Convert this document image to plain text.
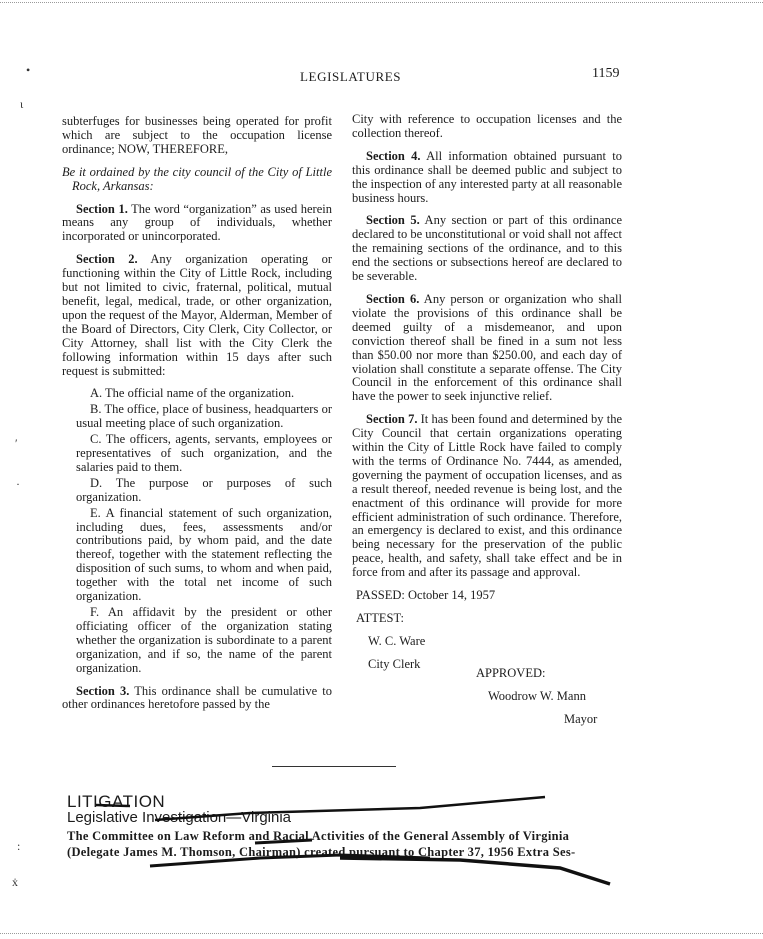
•
ι
′
·
:
ẋ
LEGISLATURES	1159

subterfuges for businesses being operated for profit which are subject to the occupation license ordinance; NOW, THEREFORE,

Be it ordained by the city council of the City of Little Rock, Arkansas:

Section 1. The word “organization” as used herein means any group of individuals, whether incorporated or unincorporated.

Section 2. Any organization operating or functioning within the City of Little Rock, including but not limited to civic, fraternal, political, mutual benefit, legal, medical, trade, or other organization, upon the request of the Mayor, Alderman, Member of the Board of Directors, City Clerk, City Collector, or City Attorney, shall list with the City Clerk the following information within 15 days after such request is submitted:

A. The official name of the organization.

B. The office, place of business, headquarters or usual meeting place of such organization.

C. The officers, agents, servants, employees or representatives of such organization, and the salaries paid to them.

D. The purpose or purposes of such organization.

E. A financial statement of such organization, including dues, fees, assessments and/or contributions paid, by whom paid, and the date thereof, together with the statement reflecting the disposition of such sums, to whom and when paid, together with the total net income of such organization.

F. An affidavit by the president or other officiating officer of the organization stating whether the organization is subordinate to a parent organization, and if so, the name of the parent organization.

Section 3. This ordinance shall be cumulative to other ordinances heretofore passed by the

City with reference to occupation licenses and the collection thereof.

Section 4. All information obtained pursuant to this ordinance shall be deemed public and subject to the inspection of any interested party at all reasonable business hours.

Section 5. Any section or part of this ordinance declared to be unconstitutional or void shall not affect the remaining sections of the ordinance, and to this end the sections or subsections hereof are declared to be severable.

Section 6. Any person or organization who shall violate the provisions of this ordinance shall be deemed guilty of a misdemeanor, and upon conviction thereof shall be fined in a sum not less than $50.00 nor more than $250.00, and each day of violation shall constitute a separate offense. The City Council in the enforcement of this ordinance shall have the power to seek injunctive relief.

Section 7. It has been found and determined by the City Council that certain organizations operating within the City of Little Rock have failed to comply with the terms of Ordinance No. 7444, as amended, governing the payment of occupation licenses, and as a result thereof, needed revenue is being lost, and the enactment of this ordinance will provide for more efficient administration of such ordinance. Therefore, an emergency is declared to exist, and this ordinance being necessary for the preservation of the public peace, health, and safety, shall take effect and be in force from and after its passage and approval.

PASSED: October 14, 1957

ATTEST:

W. C. Ware

City Clerk

APPROVED:

Woodrow W. Mann

Mayor

LITIGATION
Legislative Investigation—Virginia
The Committee on Law Reform and Racial Activities of the General Assembly of Virginia
(Delegate James M. Thomson, Chairman) created pursuant to Chapter 37, 1956 Extra Ses-
